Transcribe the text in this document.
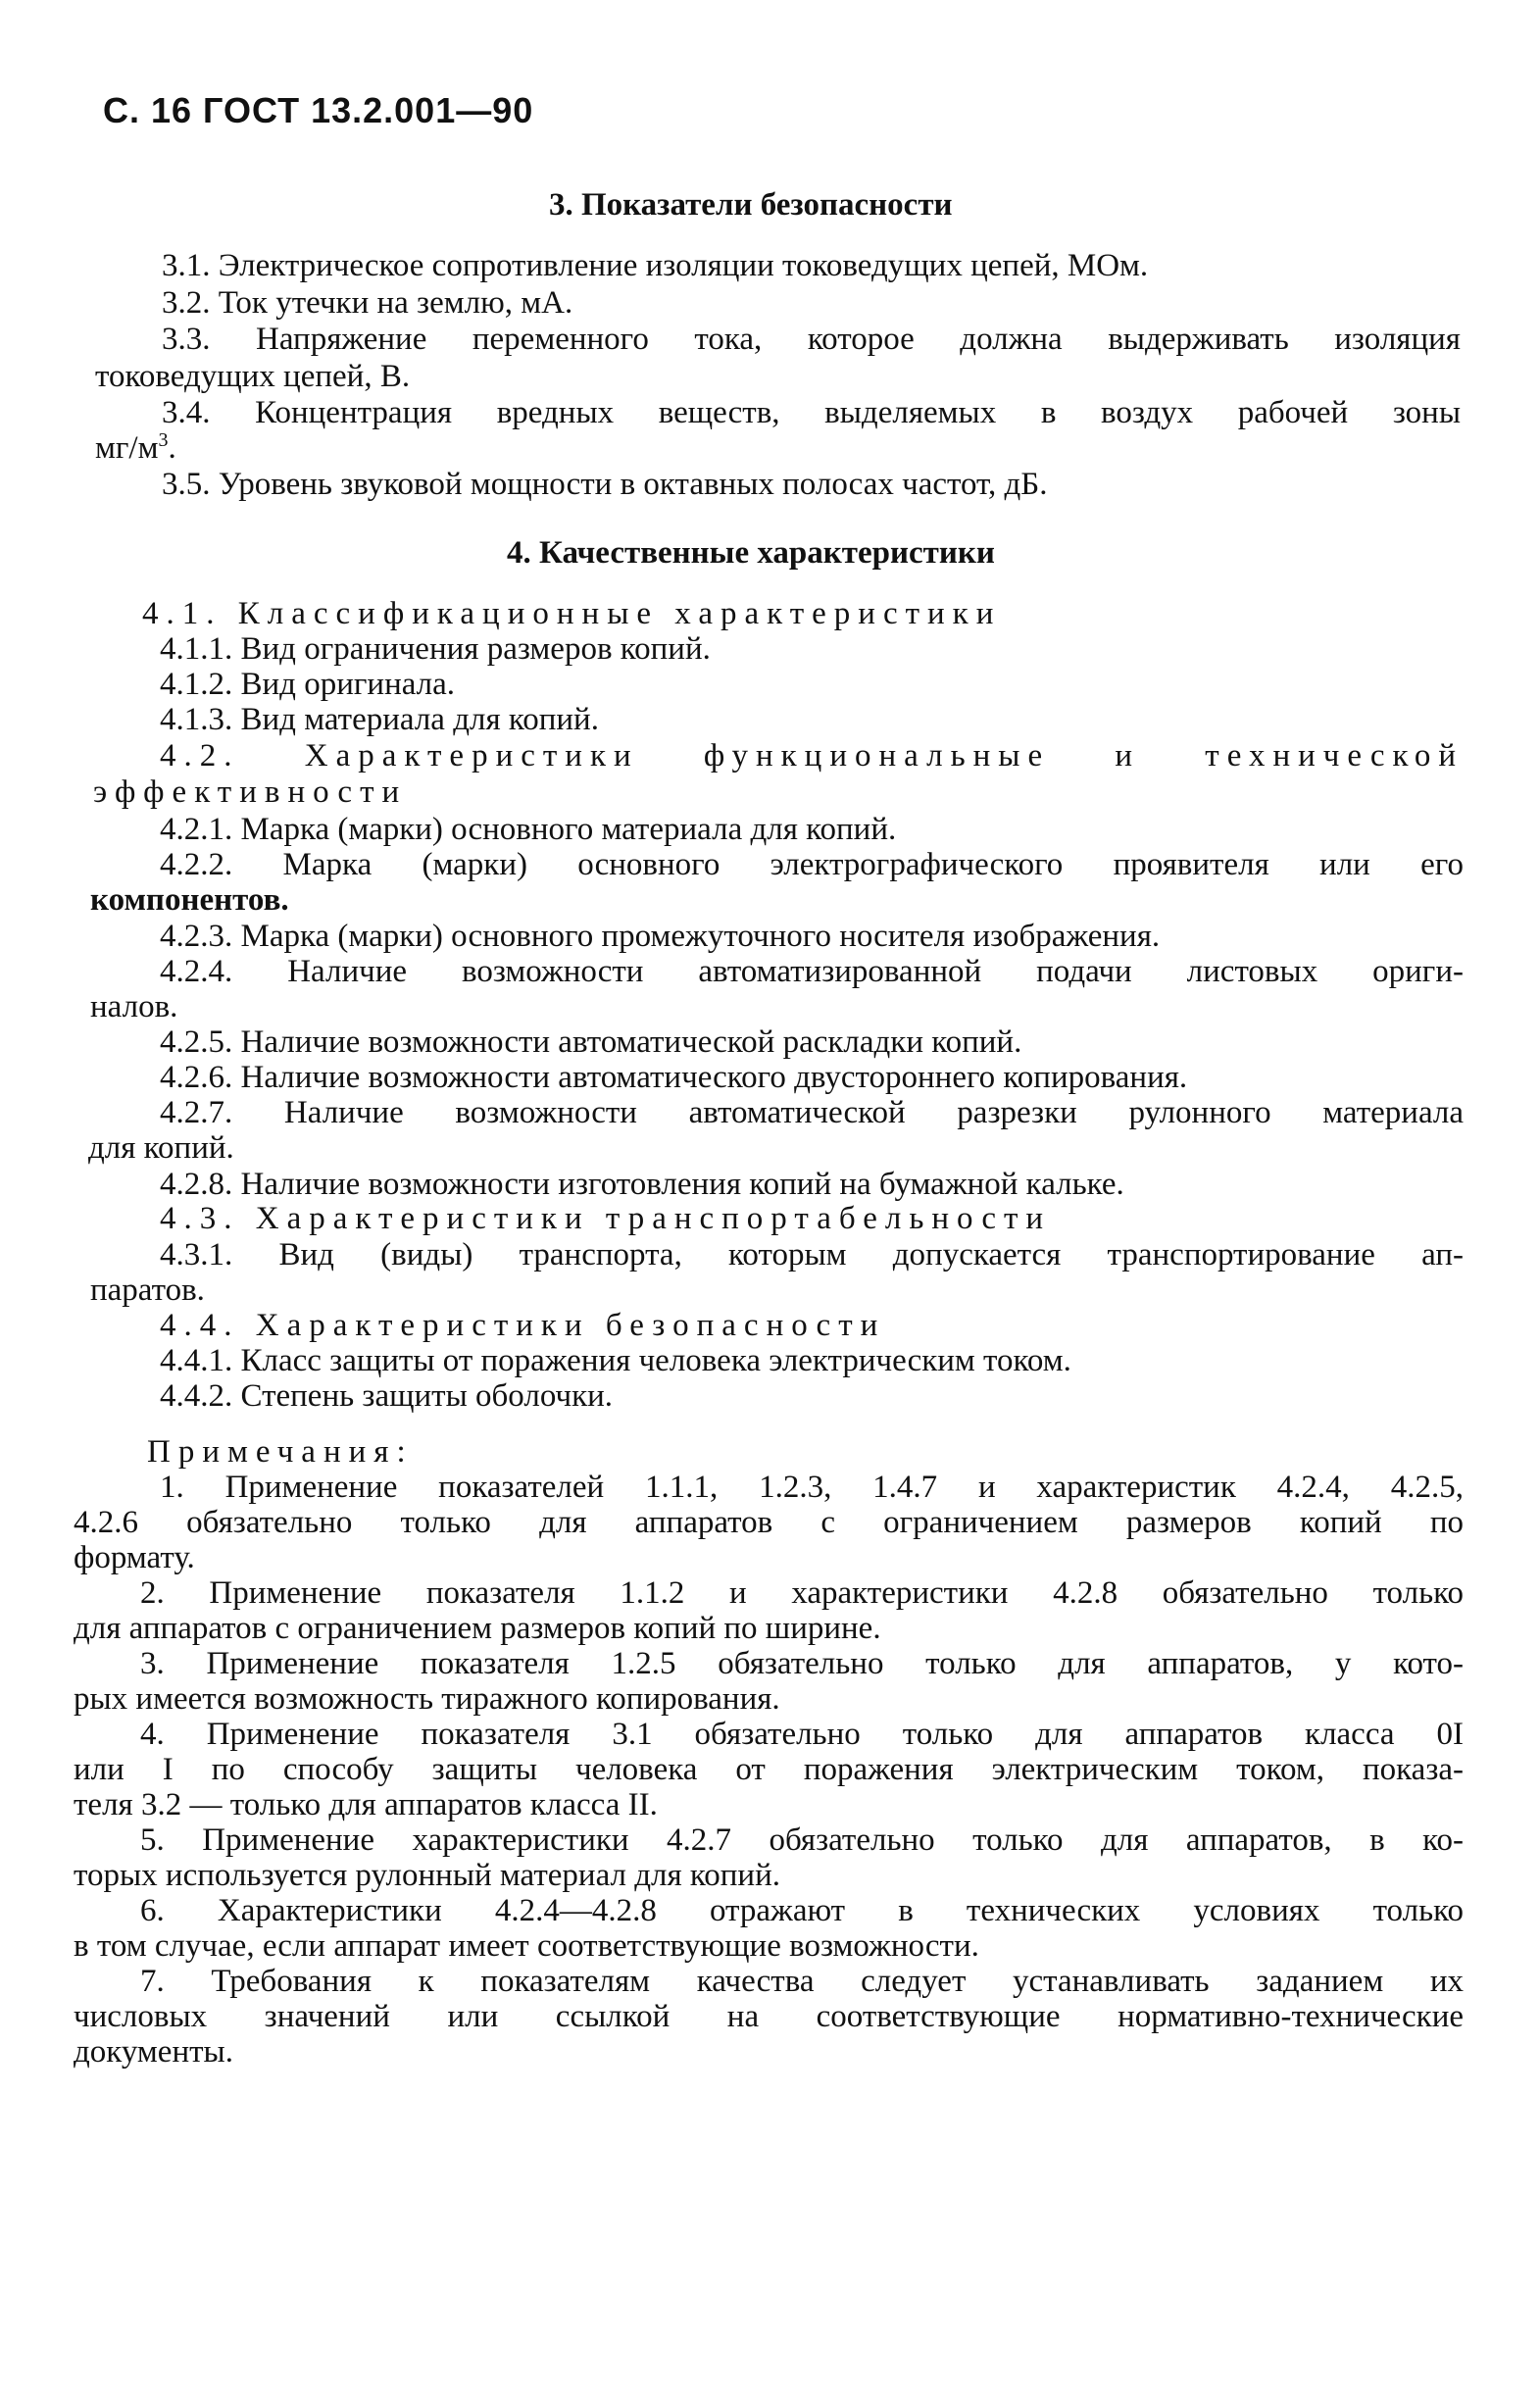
С. 16 ГОСТ 13.2.001—90
3. Показатели безопасности
3.1. Электрическое сопротивление изоляции токоведущих цепей, МОм.
3.2. Ток утечки на землю, мА.
3.3. Напряжение переменного тока, которое должна выдерживать изоляция
токоведущих цепей, В.
3.4. Концентрация вредных веществ, выделяемых в воздух рабочей зоны
$мг/м^3$.
3.5. Уровень звуковой мощности в октавных полосах частот, дБ.
4. Качественные характеристики
4.1. Классификационные характеристики
4.1.1. Вид ограничения размеров копий.
4.1.2. Вид оригинала.
4.1.3. Вид материала для копий.
4.2. Характеристики функциональные и технической
эффективности
4.2.1. Марка (марки) основного материала для копий.
4.2.2. Марка (марки) основного электрографического проявителя или его
компонентов.
4.2.3. Марка (марки) основного промежуточного носителя изображения.
4.2.4. Наличие возможности автоматизированной подачи листовых ориги-
налов.
4.2.5. Наличие возможности автоматической раскладки копий.
4.2.6. Наличие возможности автоматического двустороннего копирования.
4.2.7. Наличие возможности автоматической разрезки рулонного материала
для копий.
4.2.8. Наличие возможности изготовления копий на бумажной кальке.
4.3. Характеристики транспортабельности
4.3.1. Вид (виды) транспорта, которым допускается транспортирование ап-
паратов.
4.4. Характеристики безопасности
4.4.1. Класс защиты от поражения человека электрическим током.
4.4.2. Степень защиты оболочки.
Примечания:
1. Применение показателей 1.1.1, 1.2.3, 1.4.7 и характеристик 4.2.4, 4.2.5,
4.2.6 обязательно только для аппаратов с ограничением размеров копий по
формату.
2. Применение показателя 1.1.2 и характеристики 4.2.8 обязательно только
для аппаратов с ограничением размеров копий по ширине.
3. Применение показателя 1.2.5 обязательно только для аппаратов, у кото-
рых имеется возможность тиражного копирования.
4. Применение показателя 3.1 обязательно только для аппаратов класса 0I
или I по способу защиты человека от поражения электрическим током, показа-
теля 3.2 — только для аппаратов класса II.
5. Применение характеристики 4.2.7 обязательно только для аппаратов, в ко-
торых используется рулонный материал для копий.
6. Характеристики 4.2.4—4.2.8 отражают в технических условиях только
в том случае, если аппарат имеет соответствующие возможности.
7. Требования к показателям качества следует устанавливать заданием их
числовых значений или ссылкой на соответствующие нормативно-технические
документы.
